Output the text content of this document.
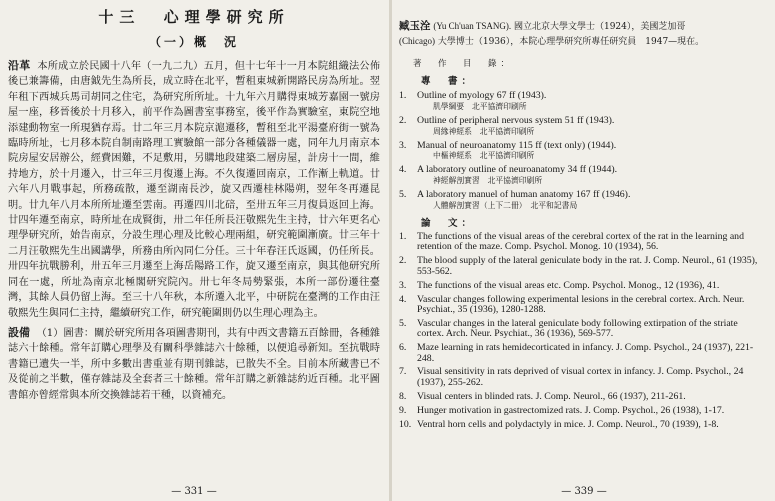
十三 心理學研究所
（一）概　況

沿革 本所成立於民國十八年（一九二九）五月，但十七年十一月本院組織法公佈後已兼籌備，由唐鉞先生為所長，成立時在北平，暫租東城新開路民房為所址。翌年租下西城兵馬司胡同之住宅，為研究所所址。十九年六月購得東城芳嘉園一號房屋一座，移晉後於十月移入，前平作為圖書室事務室，後平作為實驗室，東院空地添建動物室一所現猶存焉。廿二年三月本院京滬遷移，暫租至北平湯臺府街一號為臨時所址，七月移本院自制南路理工實驗館一部分各種儀器一處，同年九月南京本院房屋安居辦公，經費困難，不足敷用，另購地段建築二層房屋，計房十一間，維持地方，於十月遷入，廿三年三月復遷上海。不久復遷回南京，工作漸上軌道。廿六年八月戰事起，所務疏散，遷至湖南長沙，旋又西遷桂林陽朔，翌年冬再遷昆明。廿九年八月本所所址遷至雲南。再遷四川北碚，至卅五年三月復員返回上海。廿四年遷至南京，時所址在成賢街，卅二年任所長汪敬熙先生主持，廿六年更名心理學研究所，始告南京，分設生理心理及比較心理兩組，研究範圍漸廣。廿三年十二月汪敬熙先生出國講學，所務由所內同仁分任。三十年春汪氏返國，仍任所長。卅四年抗戰勝利，卅五年三月遷至上海岳陽路工作，旋又遷至南京，與其他研究所同在一處，所址為南京北極閣研究院內。卅七年冬局勢緊張，本所一部份遷往臺灣，其餘人員仍留上海。至三十八年秋，本所遷入北平，中研院在臺灣的工作由汪敬熙先生與同仁主持，繼續研究工作，研究範圍則仍以生理心理為主。

設備 （1）圖書：關於研究所用各項圖書期刊，共有中西文書籍五百餘冊，各種雜誌六十餘種。常年訂購心理學及有關科學雜誌六十餘種，以便追尋新知。至抗戰時書籍已遺失一半，所中多數出書重並有期刊雜誌，已散失不全。目前本所藏書已不及從前之半數，僅存雜誌及全套者三十餘種。常年訂購之新雜誌約近百種。北平圖書館亦曾經常與本所交換雜誌若干種，以資補充。

— 331 —

臧玉洤 (Yu Ch'uan TSANG). 國立北京大學文學士（1924），美國芝加哥
(Chicago) 大學博士（1936），本院心理學研究所專任研究員　1947—現在。

著　作　目　錄：
專　書：
1. Outline of myology 67 ff (1943).
肌學綱要　北平協濟印刷所
2. Outline of peripheral nervous system 51 ff (1943).
周緣神經系　北平協濟印刷所
3. Manual of neuroanatomy 115 ff (text only) (1944).
中樞神經系　北平協濟印刷所
4. A laboratory outline of neuroanatomy 34 ff (1944).
神經解剖實習　北平協濟印刷所
5. A laboratory manuel of human anatomy 167 ff (1946).
人體解剖實習（上下二冊）　北平和記書局
論　文：
1. The functions of the visual areas of the cerebral cortex of the rat in the learning and retention of the maze. Comp. Psychol. Monog. 10 (1934), 56.
2. The blood supply of the lateral geniculate body in the rat. J. Comp. Neurol., 61 (1935), 553-562.
3. The functions of the visual areas etc. Comp. Psychol. Monog., 12 (1936), 41.
4. Vascular changes following experimental lesions in the cerebral cortex. Arch. Neur. Psychiat., 35 (1936), 1280-1288.
5. Vascular changes in the lateral geniculate body following extirpation of the striate cortex. Arch. Neur. Psychiat., 36 (1936), 569-577.
6. Maze learning in rats hemidecorticated in infancy. J. Comp. Psychol., 24 (1937), 221-248.
7. Visual sensitivity in rats deprived of visual cortex in infancy. J. Comp. Psychol., 24 (1937), 255-262.
8. Visual centers in blinded rats. J. Comp. Neurol., 66 (1937), 211-261.
9. Hunger motivation in gastrectomized rats. J. Comp. Psychol., 26 (1938), 1-17.
10. Ventral horn cells and polydactyly in mice. J. Comp. Neurol., 70 (1939), 1-8.
— 339 —
